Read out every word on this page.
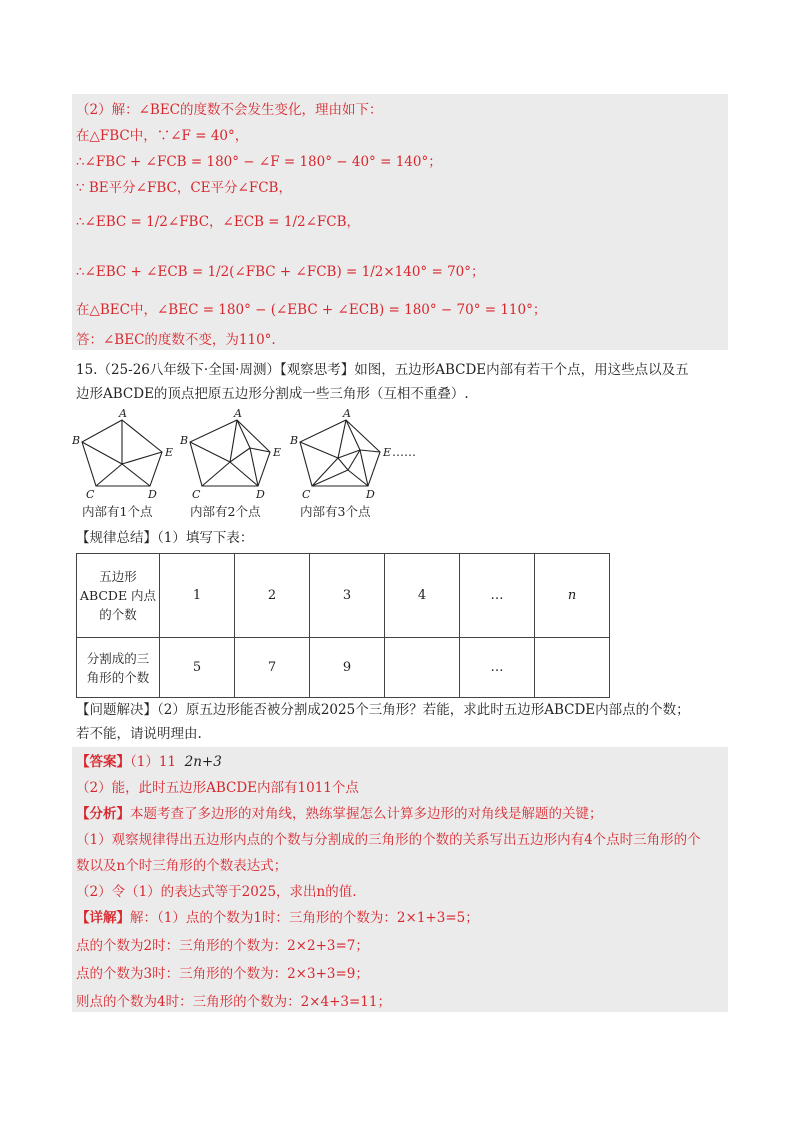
（2）解：∠BEC的度数不会发生变化，理由如下：
在△FBC中，∵∠F = 40°，
∴∠FBC + ∠FCB = 180° − ∠F = 180° − 40° = 140°；
∵ BE平分∠FBC，CE平分∠FCB，
∴∠EBC = 1/2∠FBC，∠ECB = 1/2∠FCB，
∴∠EBC + ∠ECB = 1/2(∠FBC + ∠FCB) = 1/2×140° = 70°；
在△BEC中，∠BEC = 180° − (∠EBC + ∠ECB) = 180° − 70° = 110°；
答：∠BEC的度数不变，为110°.
15.（25-26八年级下·全国·周测）【观察思考】如图，五边形ABCDE内部有若干个点，用这些点以及五
边形ABCDE的顶点把原五边形分割成一些三角形（互相不重叠）.
A
B
E
C	D
A
B
E
C	D
A
B
E
C	D
……
内部有1个点	内部有2个点	内部有3个点
【规律总结】（1）填写下表：
五边形
ABCDE 内点
的个数	1	2	3	4	…	n

分割成的三
角形的个数	5	7	9		…	
【问题解决】（2）原五边形能否被分割成2025个三角形？若能，求此时五边形ABCDE内部点的个数；
若不能，请说明理由.
【答案】（1）11 2n+3
（2）能，此时五边形ABCDE内部有1011个点
【分析】本题考查了多边形的对角线，熟练掌握怎么计算多边形的对角线是解题的关键；
（1）观察规律得出五边形内点的个数与分割成的三角形的个数的关系写出五边形内有4个点时三角形的个
数以及n个时三角形的个数表达式；
（2）令（1）的表达式等于2025，求出n的值.
【详解】解：（1）点的个数为1时：三角形的个数为：2×1+3=5；
点的个数为2时：三角形的个数为：2×2+3=7；
点的个数为3时：三角形的个数为：2×3+3=9；
则点的个数为4时：三角形的个数为：2×4+3=11；
